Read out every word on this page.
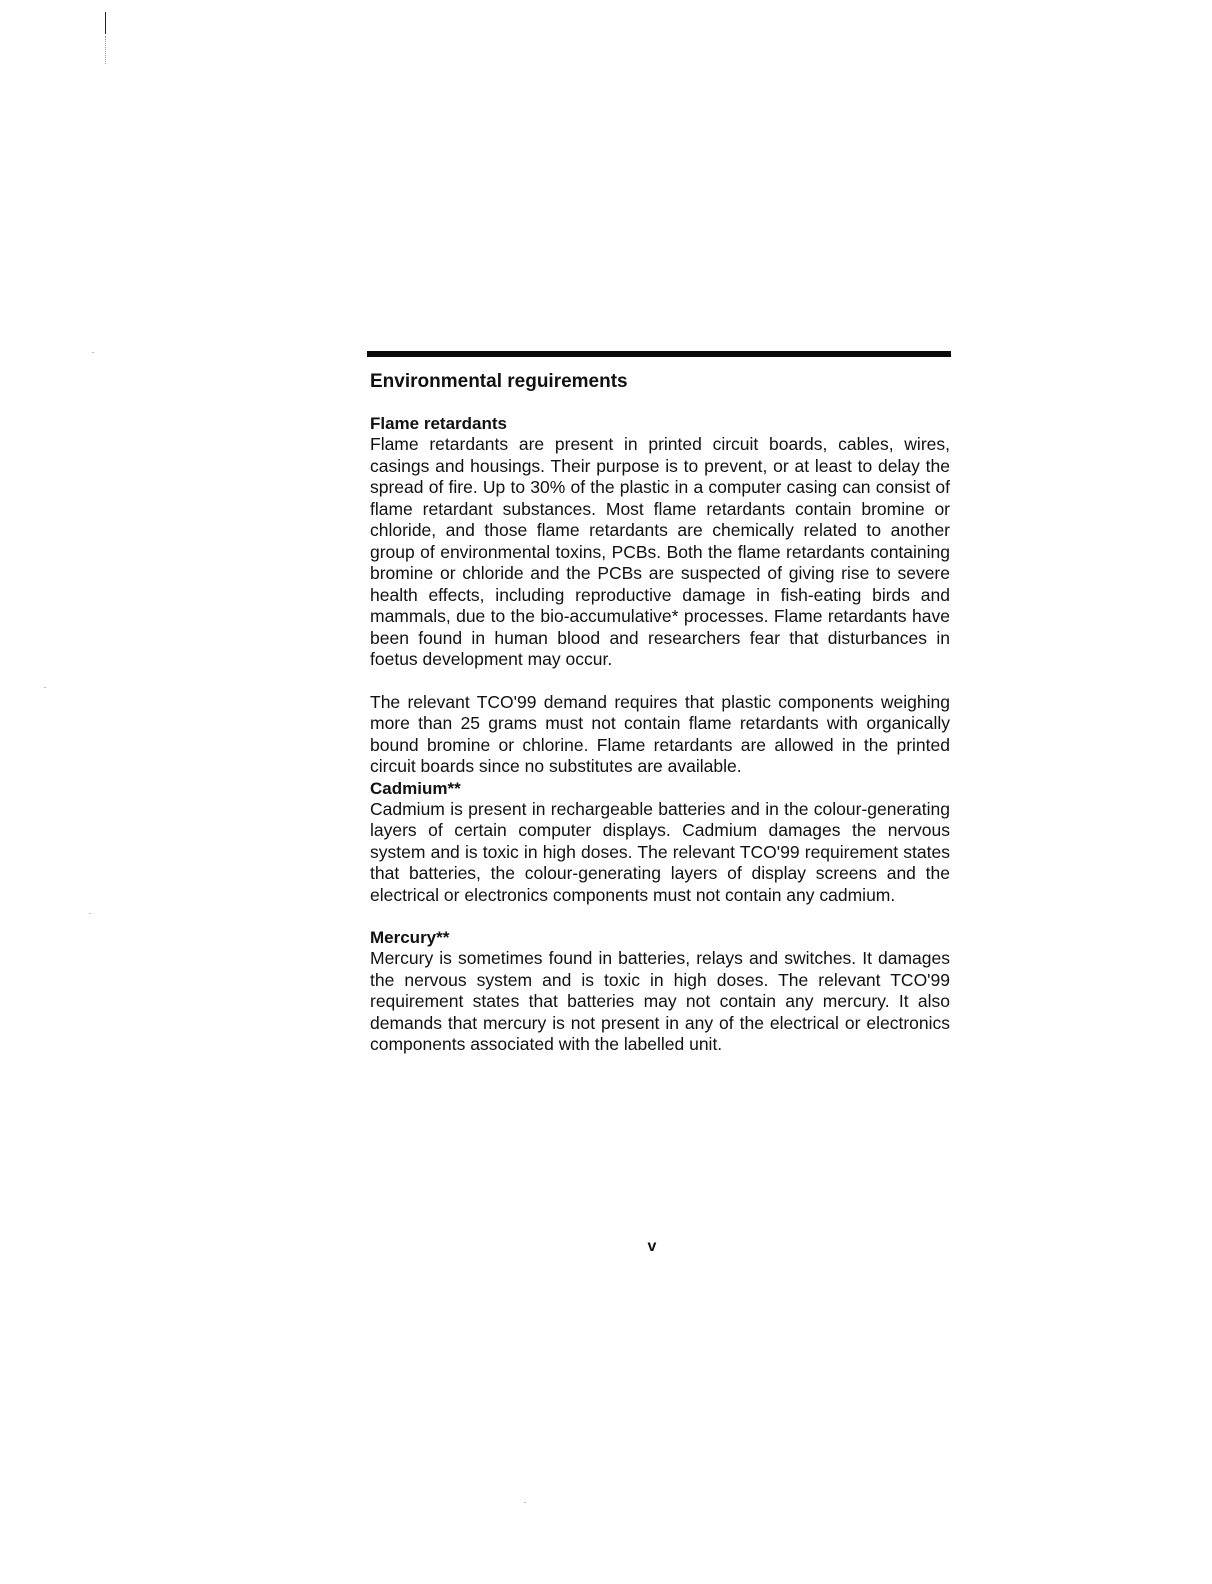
Environmental reguirements
Flame retardants

Flame retardants are present in printed circuit boards, cables, wires, casings and housings. Their purpose is to prevent, or at least to delay the spread of fire. Up to 30% of the plastic in a computer casing can consist of flame retardant substances. Most flame retardants contain bromine or chloride, and those flame retardants are chemically related to another group of environmental toxins, PCBs. Both the flame retardants containing bromine or chloride and the PCBs are suspected of giving rise to severe health effects, including reproductive damage in fish-eating birds and mammals, due to the bio-accumulative* processes. Flame retardants have been found in human blood and researchers fear that disturbances in foetus development may occur.

The relevant TCO'99 demand requires that plastic components weighing more than 25 grams must not contain flame retardants with organically bound bromine or chlorine. Flame retardants are allowed in the printed circuit boards since no substitutes are available.

Cadmium**

Cadmium is present in rechargeable batteries and in the colour-generating layers of certain computer displays. Cadmium damages the nervous system and is toxic in high doses. The relevant TCO'99 requirement states that batteries, the colour-generating layers of display screens and the electrical or electronics components must not contain any cadmium.

Mercury**

Mercury is sometimes found in batteries, relays and switches. It damages the nervous system and is toxic in high doses. The relevant TCO'99 requirement states that batteries may not contain any mercury. It also demands that mercury is not present in any of the electrical or electronics components associated with the labelled unit.

v
